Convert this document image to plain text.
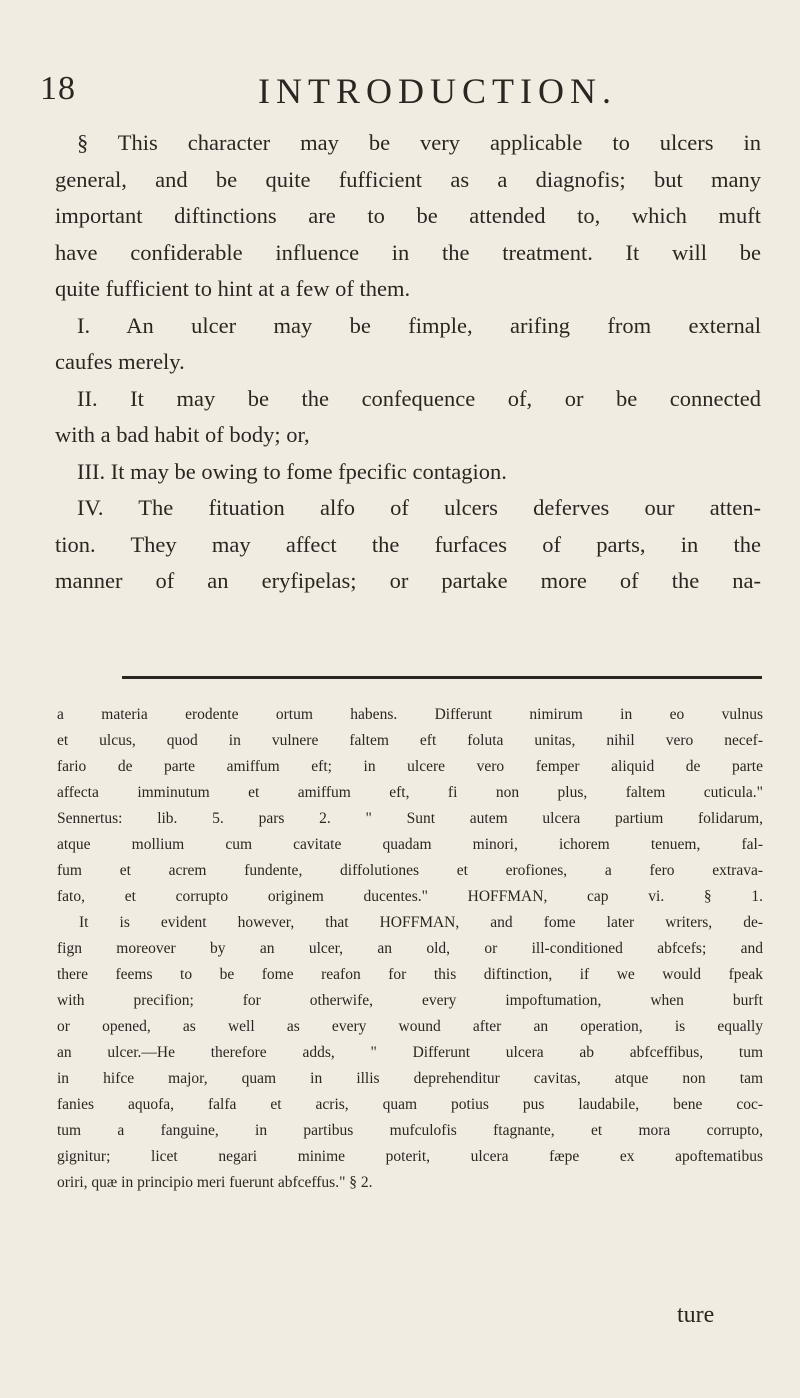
18	INTRODUCTION.
§ This character may be very applicable to ulcers in
general, and be quite fufficient as a diagnofis; but many
important diftinctions are to be attended to, which muft
have confiderable influence in the treatment. It will be
quite fufficient to hint at a few of them.
I. An ulcer may be fimple, arifing from external
caufes merely.
II. It may be the confequence of, or be connected
with a bad habit of body; or,
III. It may be owing to fome fpecific contagion.
IV. The fituation alfo of ulcers deferves our atten-
tion. They may affect the furfaces of parts, in the
manner of an eryfipelas; or partake more of the na-
a materia erodente ortum habens. Differunt nimirum in eo vulnus
et ulcus, quod in vulnere faltem eft foluta unitas, nihil vero necef-
fario de parte amiffum eft; in ulcere vero femper aliquid de parte
affecta imminutum et amiffum eft, fi non plus, faltem cuticula."
Sennertus: lib. 5. pars 2. " Sunt autem ulcera partium folidarum,
atque mollium cum cavitate quadam minori, ichorem tenuem, fal-
fum et acrem fundente, diffolutiones et erofiones, a fero extrava-
fato, et corrupto originem ducentes." HOFFMAN, cap vi. § 1.
It is evident however, that HOFFMAN, and fome later writers, de-
fign moreover by an ulcer, an old, or ill-conditioned abfcefs; and
there feems to be fome reafon for this diftinction, if we would fpeak
with precifion; for otherwife, every impoftumation, when burft
or opened, as well as every wound after an operation, is equally
an ulcer.—He therefore adds, " Differunt ulcera ab abfceffibus, tum
in hifce major, quam in illis deprehenditur cavitas, atque non tam
fanies aquofa, falfa et acris, quam potius pus laudabile, bene coc-
tum a fanguine, in partibus mufculofis ftagnante, et mora corrupto,
gignitur; licet negari minime poterit, ulcera fæpe ex apoftematibus
oriri, quæ in principio meri fuerunt abfceffus." § 2.
ture
